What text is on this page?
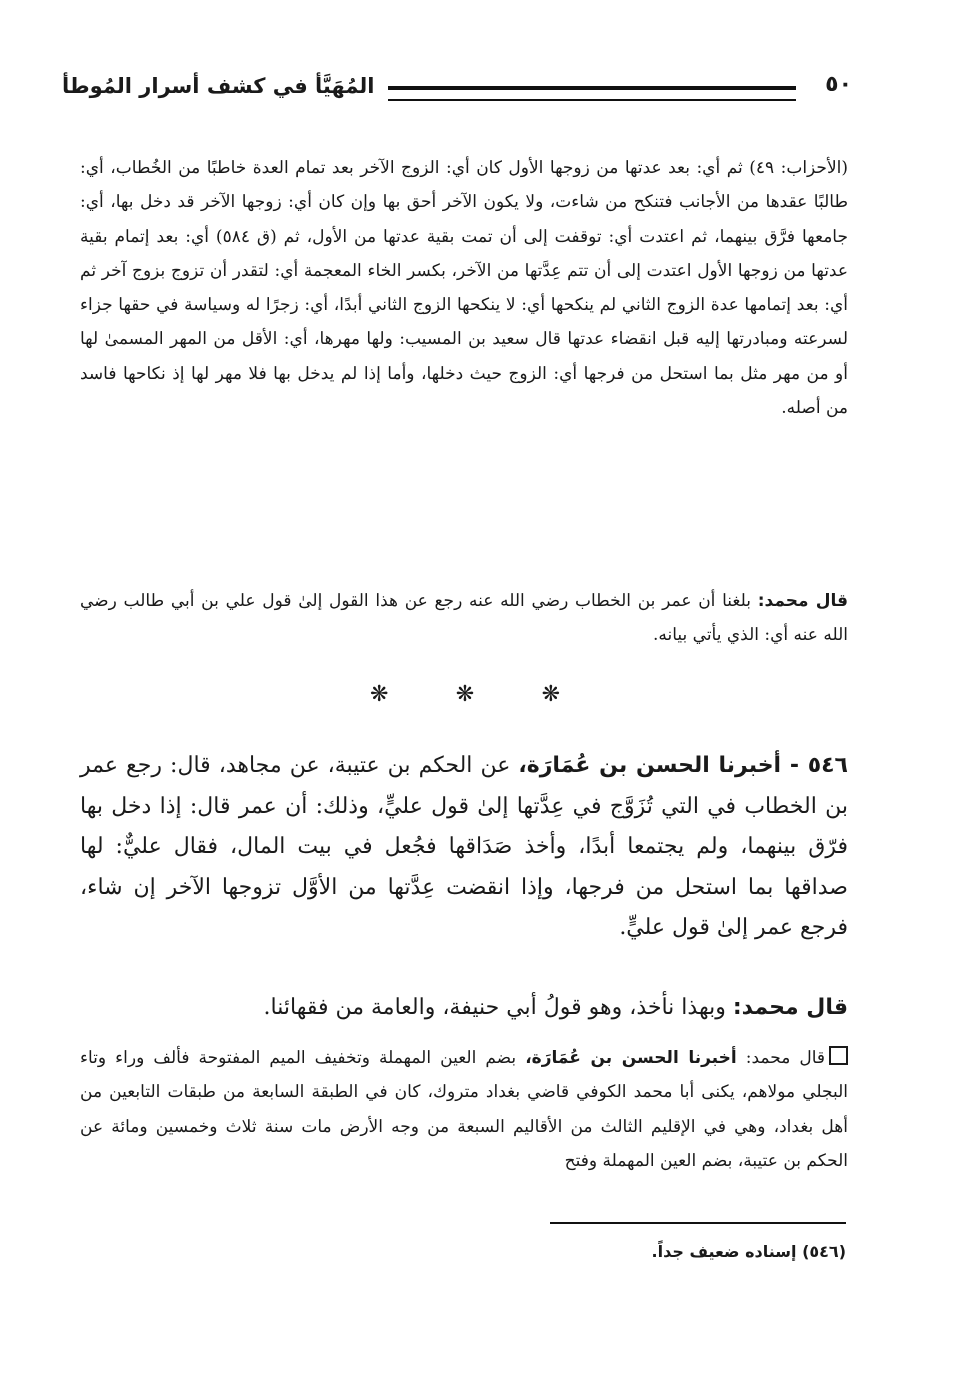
المُهَيَّأ في كشف أسرار المُوطأ	٥٠
(الأحزاب: ٤٩) ثم أي: بعد عدتها من زوجها الأول كان أي: الزوج الآخر بعد تمام العدة خاطبًا من الخُطاب، أي: طالبًا عقدها من الأجانب فتنكح من شاءت، ولا يكون الآخر أحق بها وإن كان أي: زوجها الآخر قد دخل بها، أي: جامعها فرَّق بينهما، ثم اعتدت أي: توقفت إلى أن تمت بقية عدتها من الأول، ثم (ق ٥٨٤) أي: بعد إتمام بقية عدتها من زوجها الأول اعتدت إلى أن تتم عِدَّتها من الآخر، بكسر الخاء المعجمة أي: لتقدر أن تزوج بزوج آخر ثم أي: بعد إتمامها عدة الزوج الثاني لم ينكحها أي: لا ينكحها الزوج الثاني أبدًا، أي: زجرًا له وسياسة في حقها جزاء لسرعته ومبادرتها إليه قبل انقضاء عدتها قال سعيد بن المسيب: ولها مهرها، أي: الأقل من المهر المسمىٰ لها أو من مهر مثل بما استحل من فرجها أي: الزوج حيث دخلها، وأما إذا لم يدخل بها فلا مهر لها إذ نكاحها فاسد من أصله.
قال محمد: بلغنا أن عمر بن الخطاب رضي الله عنه رجع عن هذا القول إلىٰ قول علي بن أبي طالب رضي الله عنه أي: الذي يأتي بيانه.
❋	❋	❋
٥٤٦ - أخبرنا الحسن بن عُمَارَة، عن الحكم بن عتيبة، عن مجاهد، قال: رجع عمر بن الخطاب في التي تُزَوَّج في عِدَّتها إلىٰ قول عليٍّ، وذلك: أن عمر قال: إذا دخل بها فرّق بينهما، ولم يجتمعا أبدًا، وأخذ صَدَاقها فجُعل في بيت المال، فقال عليٌّ: لها صداقها بما استحل من فرجها، وإذا انقضت عِدَّتها من الأوَّل تزوجها الآخر إن شاء، فرجع عمر إلىٰ قول عليٍّ.
قال محمد: وبهذا نأخذ، وهو قولُ أبي حنيفة، والعامة من فقهائنا.
قال محمد: أخبرنا الحسن بن عُمَارَة، بضم العين المهملة وتخفيف الميم المفتوحة فألف وراء وتاء البجلي مولاهم، يكنى أبا محمد الكوفي قاضي بغداد متروك، كان في الطبقة السابعة من طبقات التابعين من أهل بغداد، وهي في الإقليم الثالث من الأقاليم السبعة من وجه الأرض مات سنة ثلاث وخمسين ومائة عن الحكم بن عتيبة، بضم العين المهملة وفتح
(٥٤٦) إسناده ضعيف جداً.
